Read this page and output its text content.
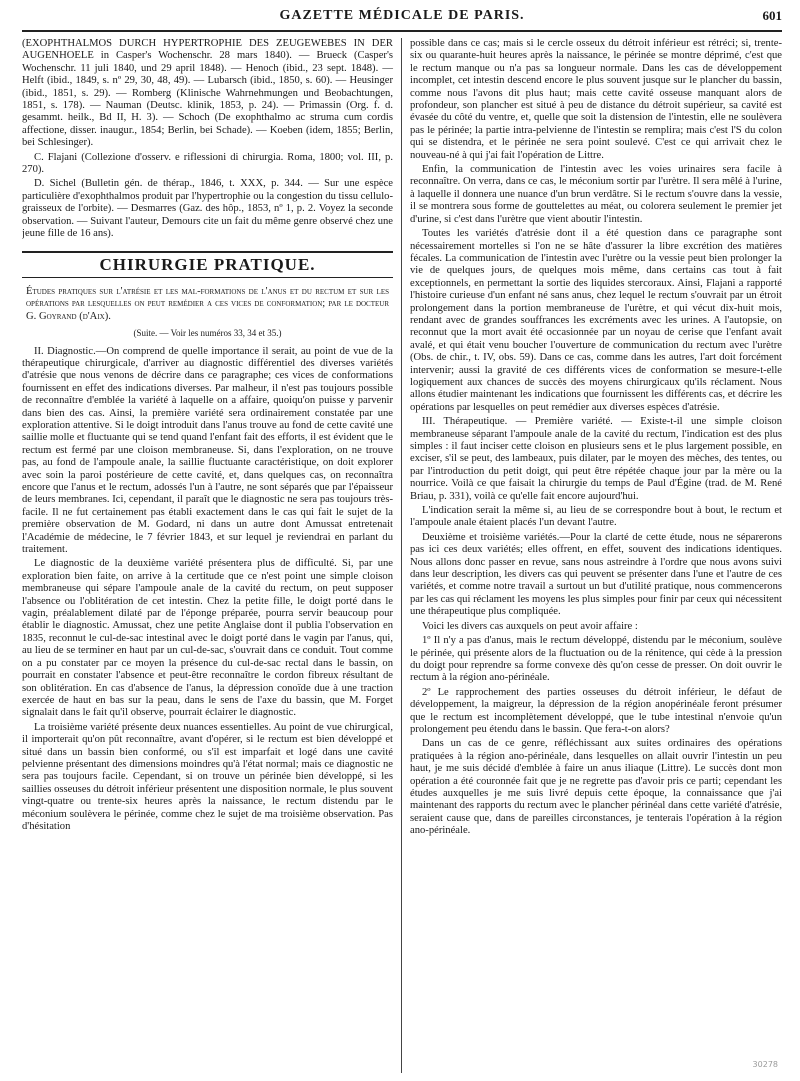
GAZETTE MÉDICALE DE PARIS.	601

(EXOPHTHALMOS DURCH HYPERTROPHIE DES ZEUGEWEBES IN DER AUGENHOELE in Casper's Wochenschr. 28 mars 1840). — Brueck (Casper's Wochenschr. 11 juli 1840, und 29 april 1848). — Henoch (ibid., 23 sept. 1848). — Helft (ibid., 1849, s. nº 29, 30, 48, 49). — Lubarsch (ibid., 1850, s. 60). — Heusinger (ibid., 1851, s. 29). — Romberg (Klinische Wahrnehmungen und Beobachtungen, 1851, s. 178). — Nauman (Deutsc. klinik, 1853, p. 24). — Primassin (Org. f. d. gesammt. heilk., Bd II, H. 3). — Schoch (De exophthalmo ac struma cum cordis affectione, disser. inaugur., 1854; Berlin, bei Schade). — Koeben (idem, 1855; Berlin, bei Schlesinger).

C. Flajani (Collezione d'osserv. e riflessioni di chirurgia. Roma, 1800; vol. III, p. 270).

D. Sichel (Bulletin gén. de thérap., 1846, t. XXX, p. 344. — Sur une espèce particulière d'exophthalmos produit par l'hypertrophie ou la congestion du tissu cellulo-graisseux de l'orbite). — Desmarres (Gaz. des hôp., 1853, nº 1, p. 2. Voyez la seconde observation. — Suivant l'auteur, Demours cite un fait du même genre observé chez une jeune fille de 16 ans).

CHIRURGIE PRATIQUE.

Études pratiques sur l'atrésie et les mal-formations de l'anus et du rectum et sur les opérations par lesquelles on peut remédier a ces vices de conformation; par le docteur G. Goyrand (d'Aix).

(Suite. — Voir les numéros 33, 34 et 35.)

II. Diagnostic.—On comprend de quelle importance il serait, au point de vue de la thérapeutique chirurgicale, d'arriver au diagnostic différentiel des diverses variétés d'atrésie que nous venons de décrire dans ce paragraphe; ces vices de conformations fournissent en effet des indications diverses. Par malheur, il n'est pas toujours possible de reconnaître d'emblée la variété à laquelle on a affaire, quoiqu'on puisse y parvenir dans bien des cas. Ainsi, la première variété sera ordinairement constatée par une exploration attentive. Si le doigt introduit dans l'anus trouve au fond de cette cavité une saillie molle et fluctuante qui se tend quand l'enfant fait des efforts, il est évident que le rectum est fermé par une cloison membraneuse. Si, dans l'exploration, on ne trouve pas, au fond de l'ampoule anale, la saillie fluctuante caractéristique, on doit explorer avec soin la paroi postérieure de cette cavité, et, dans quelques cas, on reconnaîtra encore que l'anus et le rectum, adossés l'un à l'autre, ne sont séparés que par l'épaisseur de leurs membranes. Ici, cependant, il paraît que le diagnostic ne sera pas toujours très-facile. Il ne fut certainement pas établi exactement dans le cas qui fait le sujet de la première observation de M. Godard, ni dans un autre dont Amussat entretenait l'Académie de médecine, le 7 février 1843, et sur lequel je reviendrai en parlant du traitement.

Le diagnostic de la deuxième variété présentera plus de difficulté. Si, par une exploration bien faite, on arrive à la certitude que ce n'est point une simple cloison membraneuse qui sépare l'ampoule anale de la cavité du rectum, on peut supposer l'absence ou l'oblitération de cet intestin. Chez la petite fille, le doigt porté dans le vagin, préalablement dilaté par de l'éponge préparée, pourra servir beaucoup pour établir le diagnostic. Amussat, chez une petite Anglaise dont il publia l'observation en 1835, reconnut le cul-de-sac intestinal avec le doigt porté dans le vagin par l'anus, qui, au lieu de se terminer en haut par un cul-de-sac, s'ouvrait dans ce conduit. Tout comme on a pu constater par ce moyen la présence du cul-de-sac rectal dans le bassin, on pourrait en constater l'absence et peut-être reconnaître le cordon fibreux résultant de son oblitération. En cas d'absence de l'anus, la dépression conoïde due à une traction exercée de haut en bas sur la peau, dans le sens de l'axe du bassin, que M. Forget signalait dans le fait qu'il observe, pourrait éclairer le diagnostic.

La troisième variété présente deux nuances essentielles. Au point de vue chirurgical, il importerait qu'on pût reconnaître, avant d'opérer, si le rectum est bien développé et situé dans un bassin bien conformé, ou s'il est imparfait et logé dans une cavité pelvienne présentant des dimensions moindres qu'à l'état normal; mais ce diagnostic ne sera pas toujours facile. Cependant, si on trouve un périnée bien développé, si les saillies osseuses du détroit inférieur présentent une disposition normale, le plus souvent vingt-quatre ou trente-six heures après la naissance, le rectum distendu par le méconium soulèvera le périnée, comme chez le sujet de ma troisième observation. Pas d'hésitation

possible dans ce cas; mais si le cercle osseux du détroit inférieur est rétréci; si, trente-six ou quarante-huit heures après la naissance, le périnée se montre déprimé, c'est que le rectum manque ou n'a pas sa longueur normale. Dans les cas de développement incomplet, cet intestin descend encore le plus souvent jusque sur le plancher du bassin, comme nous l'avons dit plus haut; mais cette cavité osseuse manquant alors de profondeur, son plancher est situé à peu de distance du détroit supérieur, sa cavité est évasée du côté du ventre, et, quelle que soit la distension de l'intestin, elle ne soulèvera pas le périnée; la partie intra-pelvienne de l'intestin se remplira; mais c'est l'S du colon qui se distendra, et le périnée ne sera point soulevé. C'est ce qui arrivait chez le nouveau-né à qui j'ai fait l'opération de Littre.

Enfin, la communication de l'intestin avec les voies urinaires sera facile à reconnaître. On verra, dans ce cas, le méconium sortir par l'urètre. Il sera mêlé à l'urine, à laquelle il donnera une nuance d'un brun verdâtre. Si le rectum s'ouvre dans la vessie, il se montrera sous forme de gouttelettes au méat, ou colorera seulement le premier jet d'urine, si c'est dans l'urètre que vient aboutir l'intestin.

Toutes les variétés d'atrésie dont il a été question dans ce paragraphe sont nécessairement mortelles si l'on ne se hâte d'assurer la libre excrétion des matières fécales. La communication de l'intestin avec l'urètre ou la vessie peut bien prolonger la vie de quelques jours, de quelques mois même, dans certains cas tout à fait exceptionnels, en permettant la sortie des liquides stercoraux. Ainsi, Flajani a rapporté l'histoire curieuse d'un enfant né sans anus, chez lequel le rectum s'ouvrait par un étroit prolongement dans la portion membraneuse de l'urètre, et qui vécut dix-huit mois, rendant avec de grandes souffrances les excréments avec les urines. A l'autopsie, on reconnut que la mort avait été occasionnée par un noyau de cerise que l'enfant avait avalé, et qui était venu boucher l'ouverture de communication du rectum avec l'urètre (Obs. de chir., t. IV, obs. 59). Dans ce cas, comme dans les autres, l'art doit forcément intervenir; aussi la gravité de ces différents vices de conformation se mesure-t-elle logiquement aux chances de succès des moyens chirurgicaux qu'ils réclament. Nous allons étudier maintenant les indications que fournissent les différents cas, et décrire les opérations par lesquelles on peut remédier aux diverses espèces d'atrésie.

III. Thérapeutique. — Première variété. — Existe-t-il une simple cloison membraneuse séparant l'ampoule anale de la cavité du rectum, l'indication est des plus simples : il faut inciser cette cloison en plusieurs sens et le plus largement possible, en exciser, s'il se peut, des lambeaux, puis dilater, par le moyen des mèches, des tentes, ou par l'introduction du petit doigt, qui peut être répétée chaque jour par la mère ou la nourrice. Voilà ce que faisait la chirurgie du temps de Paul d'Égine (trad. de M. René Briau, p. 331), voilà ce qu'elle fait encore aujourd'hui.

L'indication serait la même si, au lieu de se correspondre bout à bout, le rectum et l'ampoule anale étaient placés l'un devant l'autre.

Deuxième et troisième variétés.—Pour la clarté de cette étude, nous ne séparerons pas ici ces deux variétés; elles offrent, en effet, souvent des indications identiques. Nous allons donc passer en revue, sans nous astreindre à l'ordre que nous avons suivi dans leur description, les divers cas qui peuvent se présenter dans l'une et l'autre de ces variétés, et comme notre travail a surtout un but d'utilité pratique, nous commencerons par les cas qui réclament les moyens les plus simples pour finir par ceux qui nécessitent une thérapeutique plus compliquée.

Voici les divers cas auxquels on peut avoir affaire :

1º Il n'y a pas d'anus, mais le rectum développé, distendu par le méconium, soulève le périnée, qui présente alors de la fluctuation ou de la rénitence, qui cède à la pression du doigt pour reprendre sa forme convexe dès qu'on cesse de presser. On doit ouvrir le rectum à la région ano-périnéale.

2º Le rapprochement des parties osseuses du détroit inférieur, le défaut de développement, la maigreur, la dépression de la région anopérinéale feront présumer que le rectum est incomplètement développé, que le tube intestinal n'envoie qu'un prolongement peu étendu dans le bassin. Que fera-t-on alors?

Dans un cas de ce genre, réfléchissant aux suites ordinaires des opérations pratiquées à la région ano-périnéale, dans lesquelles on allait ouvrir l'intestin un peu haut, je me suis décidé d'emblée à faire un anus iliaque (Littre). Le succès dont mon opération a été couronnée fait que je ne regrette pas d'avoir pris ce parti; cependant les études auxquelles je me suis livré depuis cette époque, la connaissance que j'ai maintenant des rapports du rectum avec le plancher périnéal dans cette variété d'atrésie, seraient cause que, dans de pareilles circonstances, je tenterais l'opération à la région ano-périnéale.

30278
